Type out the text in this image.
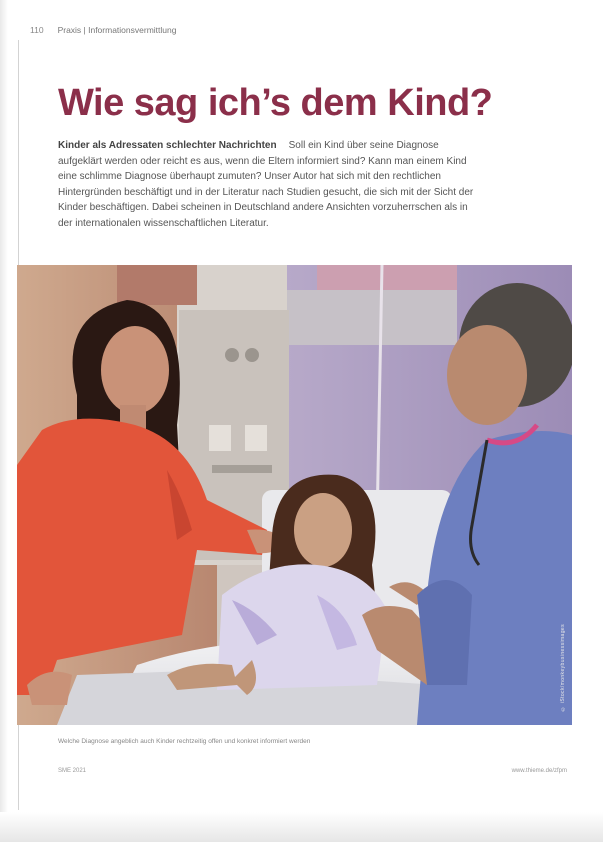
110 Praxis | Informationsvermittlung
Wie sag ich’s dem Kind?

Kinder als Adressaten schlechter Nachrichten Soll ein Kind über seine Diagnose aufgeklärt werden oder reicht es aus, wenn die Eltern informiert sind? Kann man einem Kind eine schlimme Diagnose überhaupt zumuten? Unser Autor hat sich mit den rechtlichen Hintergründen beschäftigt und in der Literatur nach Studien gesucht, die sich mit der Sicht der Kinder beschäftigen. Dabei scheinen in Deutschland andere Ansichten vorzuherrschen als in der internationalen wissenschaftlichen Literatur.

© iStock/monkeybusinessimages
Welche Diagnose angeblich auch Kinder rechtzeitig offen und konkret informiert werden
SME 2021	www.thieme.de/zfpm
